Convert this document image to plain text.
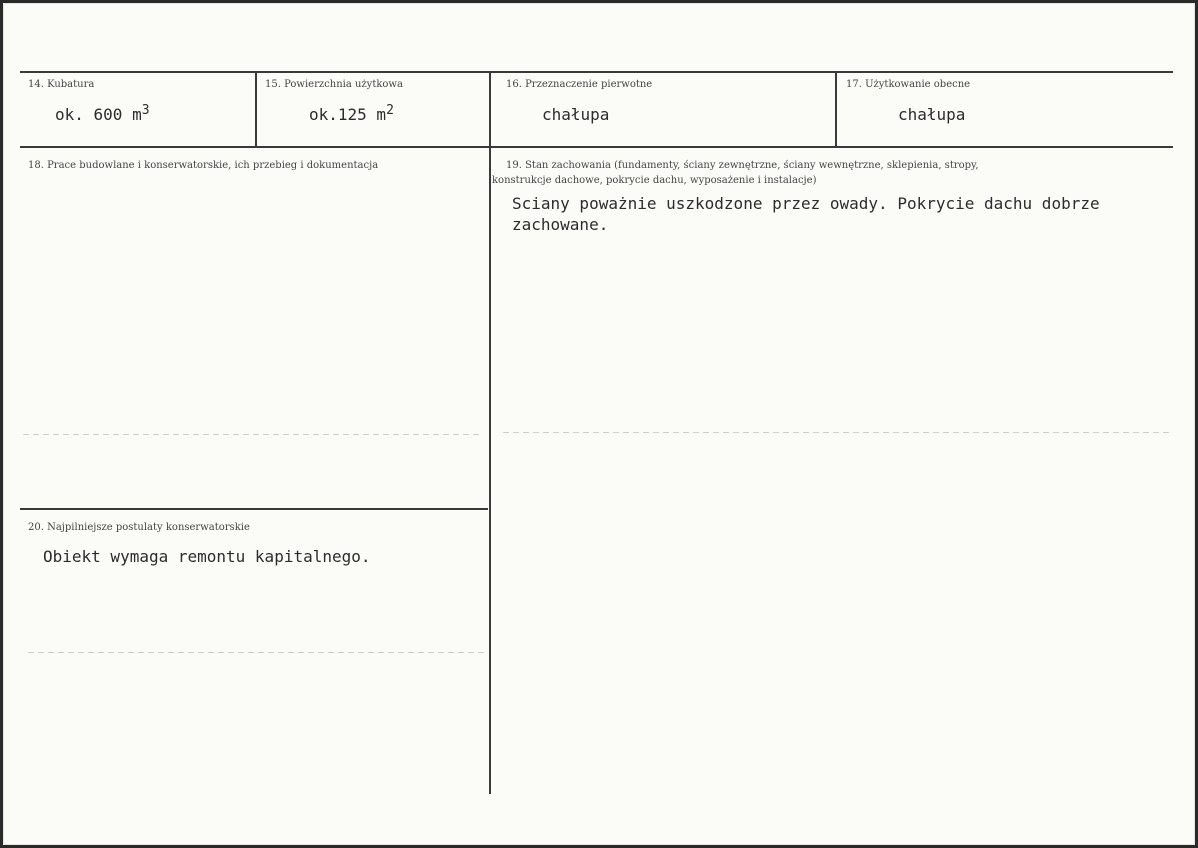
14. Kubatura
ok. 600 $m^3$
15. Powierzchnia użytkowa
ok.125 $m^2$
16. Przeznaczenie pierwotne
chałupa
17. Użytkowanie obecne
chałupa
18. Prace budowlane i konserwatorskie, ich przebieg i dokumentacja	19. Stan zachowania (fundamenty, ściany zewnętrzne, ściany wewnętrzne, sklepienia, stropy,
konstrukcje dachowe, pokrycie dachu, wyposażenie i instalacje)
Sciany poważnie uszkodzone przez owady. Pokrycie dachu dobrze
zachowane.
20. Najpilniejsze postulaty konserwatorskie
Obiekt wymaga remontu kapitalnego.
